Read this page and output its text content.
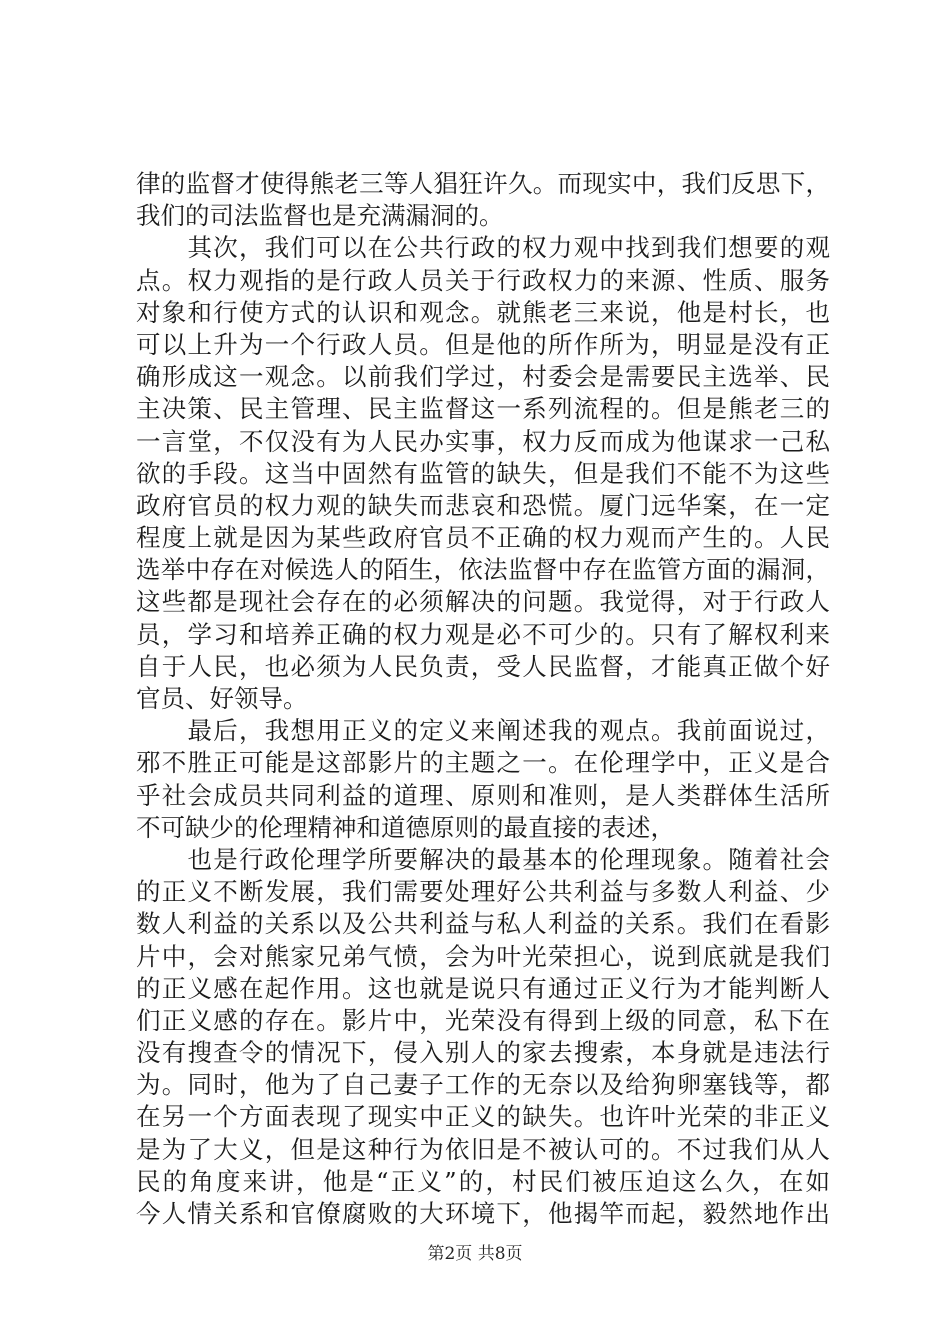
律的监督才使得熊老三等人猖狂许久。而现实中，我们反思下，
我们的司法监督也是充满漏洞的。
　　其次，我们可以在公共行政的权力观中找到我们想要的观
点。权力观指的是行政人员关于行政权力的来源、性质、服务
对象和行使方式的认识和观念。就熊老三来说，他是村长，也
可以上升为一个行政人员。但是他的所作所为，明显是没有正
确形成这一观念。以前我们学过，村委会是需要民主选举、民
主决策、民主管理、民主监督这一系列流程的。但是熊老三的
一言堂，不仅没有为人民办实事，权力反而成为他谋求一己私
欲的手段。这当中固然有监管的缺失，但是我们不能不为这些
政府官员的权力观的缺失而悲哀和恐慌。厦门远华案，在一定
程度上就是因为某些政府官员不正确的权力观而产生的。人民
选举中存在对候选人的陌生，依法监督中存在监管方面的漏洞，
这些都是现社会存在的必须解决的问题。我觉得，对于行政人
员，学习和培养正确的权力观是必不可少的。只有了解权利来
自于人民，也必须为人民负责，受人民监督，才能真正做个好
官员、好领导。
　　最后，我想用正义的定义来阐述我的观点。我前面说过，
邪不胜正可能是这部影片的主题之一。在伦理学中，正义是合
乎社会成员共同利益的道理、原则和准则，是人类群体生活所
不可缺少的伦理精神和道德原则的最直接的表述，
　　也是行政伦理学所要解决的最基本的伦理现象。随着社会
的正义不断发展，我们需要处理好公共利益与多数人利益、少
数人利益的关系以及公共利益与私人利益的关系。我们在看影
片中，会对熊家兄弟气愤，会为叶光荣担心，说到底就是我们
的正义感在起作用。这也就是说只有通过正义行为才能判断人
们正义感的存在。影片中，光荣没有得到上级的同意，私下在
没有搜查令的情况下，侵入别人的家去搜索，本身就是违法行
为。同时，他为了自己妻子工作的无奈以及给狗卵塞钱等，都
在另一个方面表现了现实中正义的缺失。也许叶光荣的非正义
是为了大义，但是这种行为依旧是不被认可的。不过我们从人
民的角度来讲，他是“正义”的，村民们被压迫这么久，在如
今人情关系和官僚腐败的大环境下，他揭竿而起，毅然地作出
第2页 共8页
